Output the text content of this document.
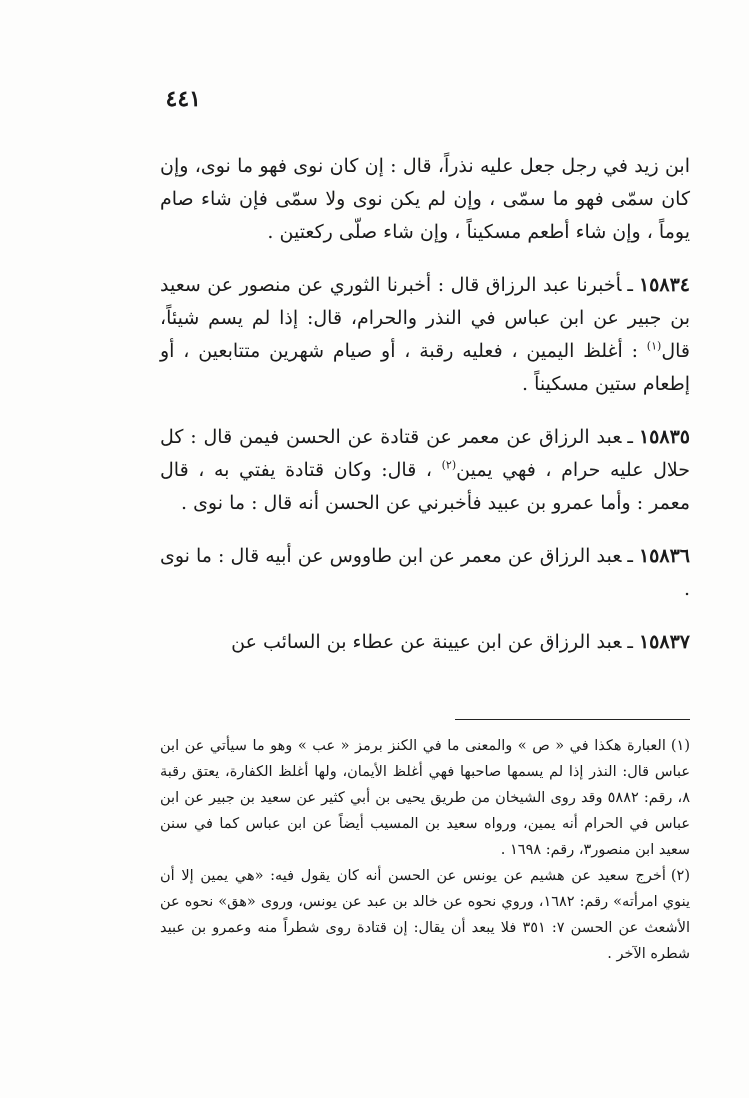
٤٤١

ابن زيد في رجل جعل عليه نذراً، قال : إن كان نوى فهو ما نوى، وإن كان سمّى فهو ما سمّى ، وإن لم يكن نوى ولا سمّى فإن شاء صام يوماً ، وإن شاء أطعم مسكيناً ، وإن شاء صلّى ركعتين .

١٥٨٣٤ـأخبرنا عبد الرزاق قال : أخبرنا الثوري عن منصور عن سعيد بن جبير عن ابن عباس في النذر والحرام، قال: إذا لم يسم شيئاً، قال$^{(١)}$ : أغلظ اليمين ، فعليه رقبة ، أو صيام شهرين متتابعين ، أو إطعام ستين مسكيناً .

١٥٨٣٥ـعبد الرزاق عن معمر عن قتادة عن الحسن فيمن قال : كل حلال عليه حرام ، فهي يمين$^{(٢)}$ ، قال: وكان قتادة يفتي به ، قال معمر : وأما عمرو بن عبيد فأخبرني عن الحسن أنه قال : ما نوى .

١٥٨٣٦ـعبد الرزاق عن معمر عن ابن طاووس عن أبيه قال : ما نوى .

١٥٨٣٧ـعبد الرزاق عن ابن عيينة عن عطاء بن السائب عن

(١)العبارة هكذا في « ص » والمعنى ما في الكنز برمز « عب » وهو ما سيأتي عن ابن عباس قال: النذر إذا لم يسمها صاحبها فهي أغلظ الأيمان، ولها أغلظ الكفارة، يعتق رقبة ٨، رقم: ٥٨٨٢ وقد روى الشيخان من طريق يحيى بن أبي كثير عن سعيد بن جبير عن ابن عباس في الحرام أنه يمين، ورواه سعيد بن المسيب أيضاً عن ابن عباس كما في سنن سعيد ابن منصور٣، رقم: ١٦٩٨ .

(٢)أخرج سعيد عن هشيم عن يونس عن الحسن أنه كان يقول فيه: «هي يمين إلا أن ينوي امرأته» رقم: ١٦٨٢، وروي نحوه عن خالد بن عبد عن يونس، وروى «هق» نحوه عن الأشعث عن الحسن ٧: ٣٥١ فلا يبعد أن يقال: إن قتادة روى شطراً منه وعمرو بن عبيد شطره الآخر .
